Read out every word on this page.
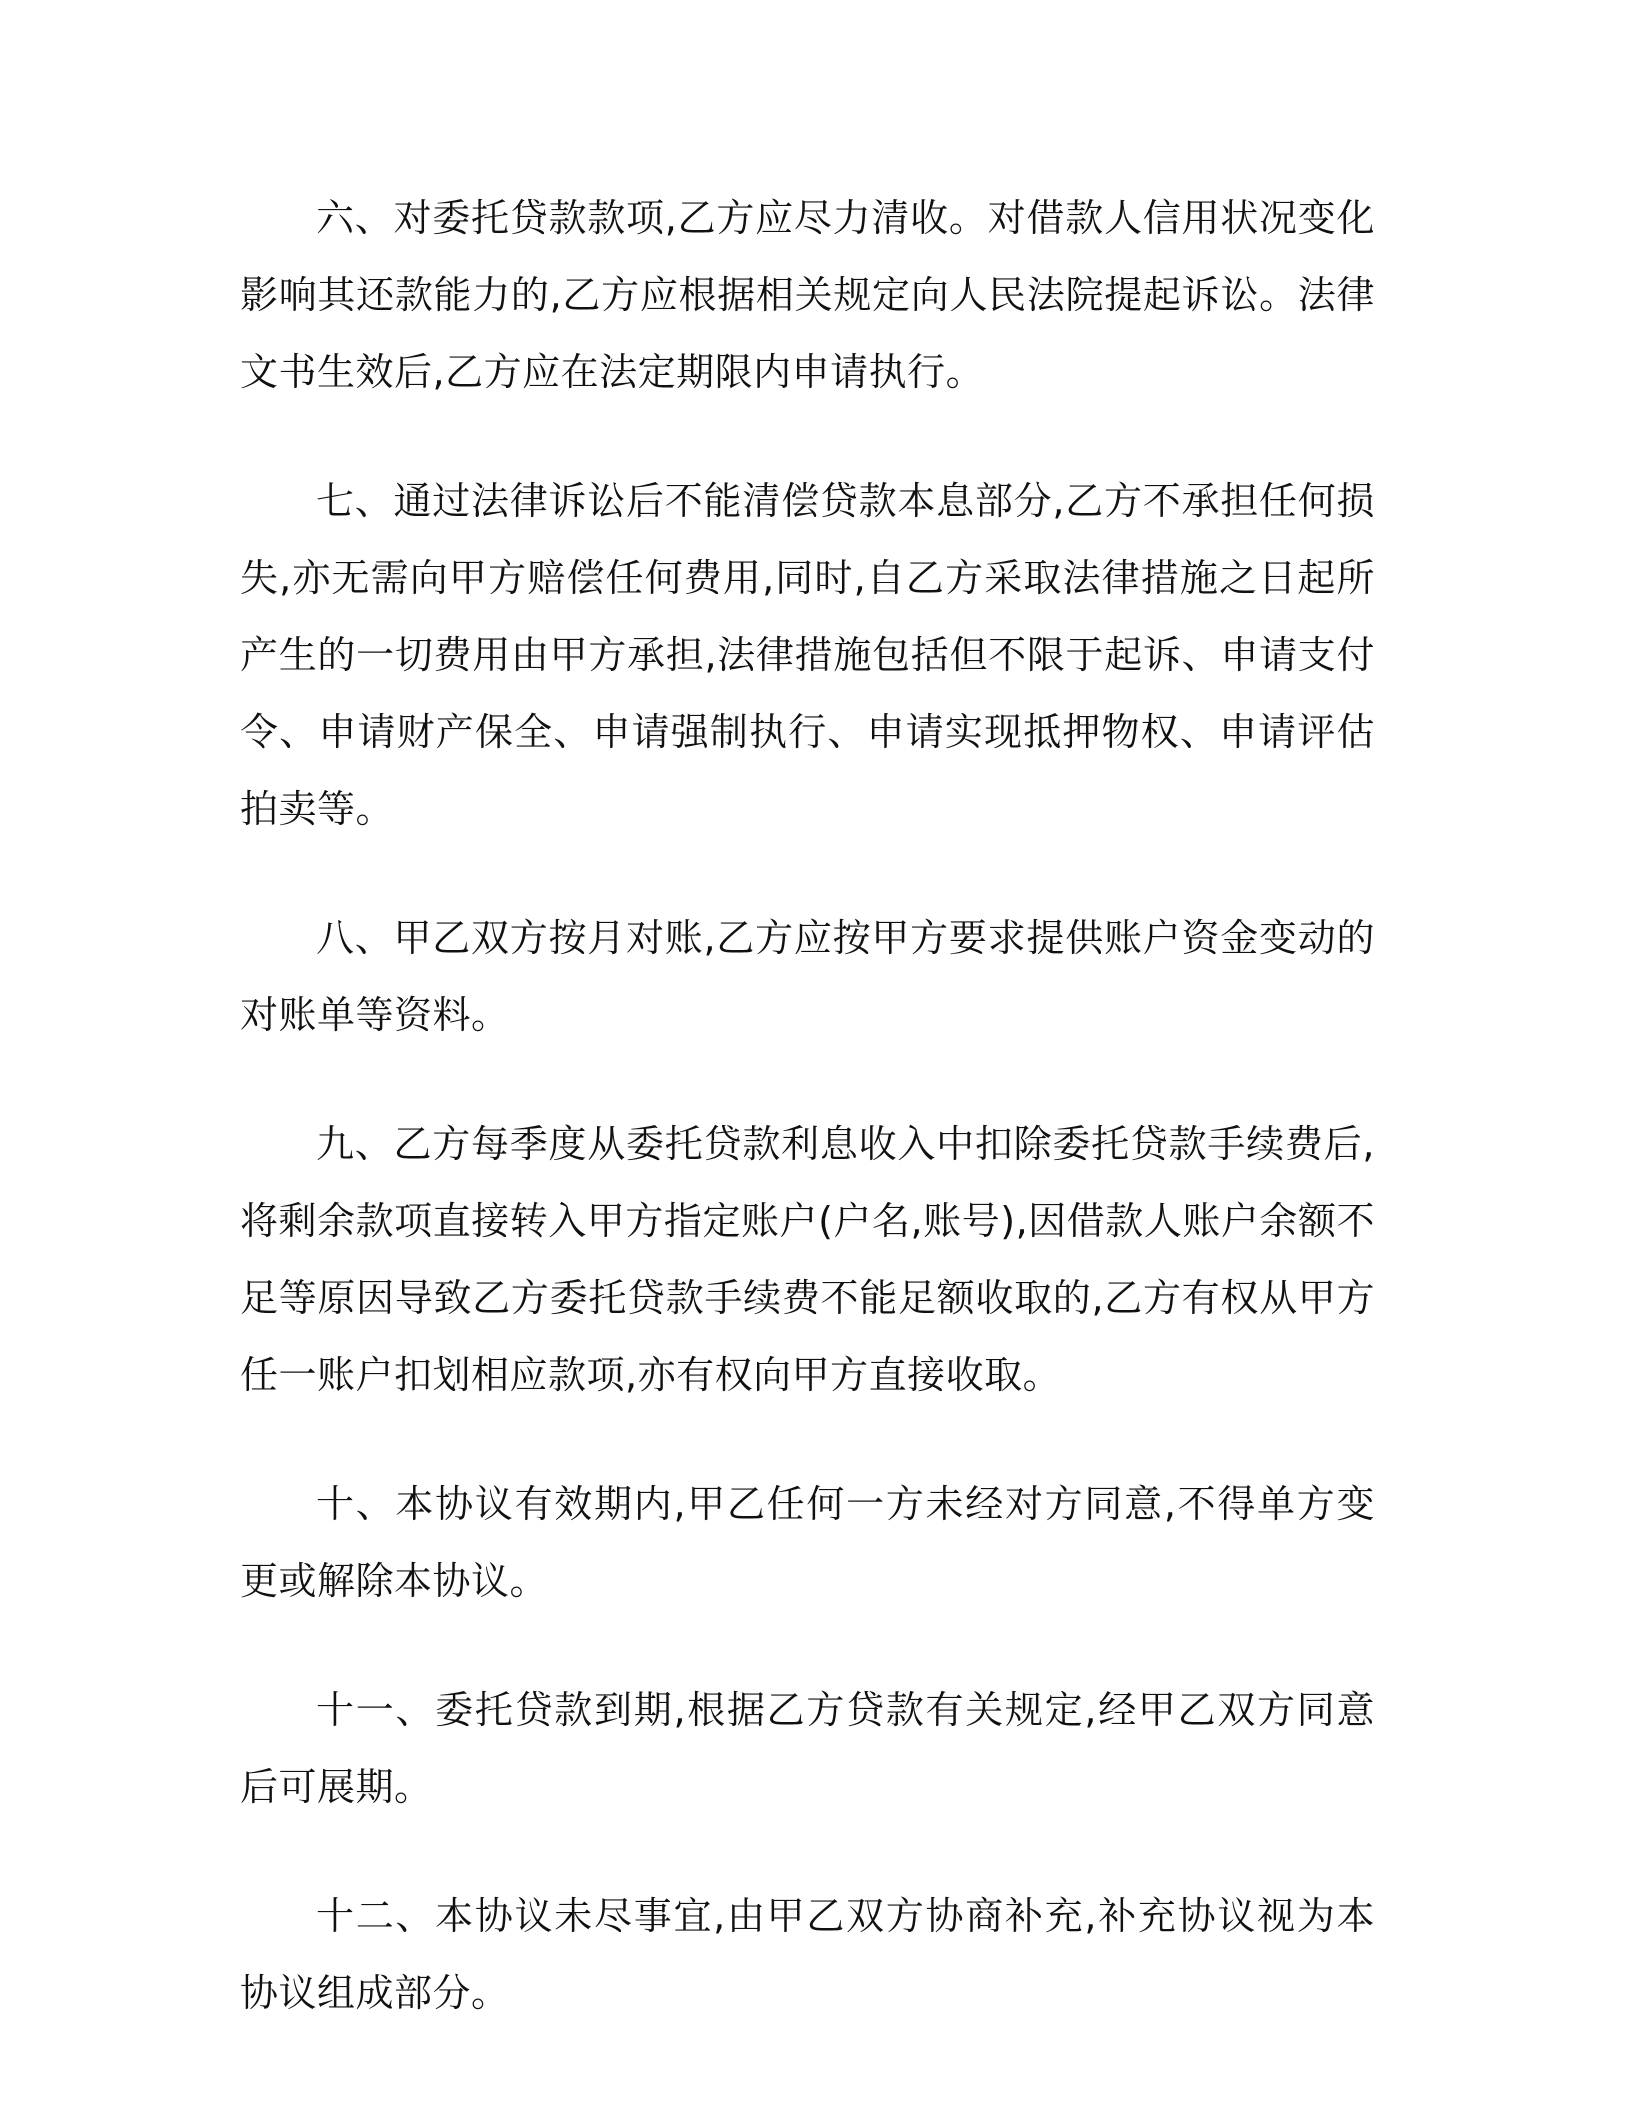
六、对委托贷款款项,乙方应尽力清收。对借款人信用状况变化影响其还款能力的,乙方应根据相关规定向人民法院提起诉讼。法律文书生效后,乙方应在法定期限内申请执行。

七、通过法律诉讼后不能清偿贷款本息部分,乙方不承担任何损失,亦无需向甲方赔偿任何费用,同时,自乙方采取法律措施之日起所产生的一切费用由甲方承担,法律措施包括但不限于起诉、申请支付令、申请财产保全、申请强制执行、申请实现抵押物权、申请评估拍卖等。

八、甲乙双方按月对账,乙方应按甲方要求提供账户资金变动的对账单等资料。

九、乙方每季度从委托贷款利息收入中扣除委托贷款手续费后,将剩余款项直接转入甲方指定账户(户名,账号),因借款人账户余额不足等原因导致乙方委托贷款手续费不能足额收取的,乙方有权从甲方任一账户扣划相应款项,亦有权向甲方直接收取。

十、本协议有效期内,甲乙任何一方未经对方同意,不得单方变更或解除本协议。

十一、委托贷款到期,根据乙方贷款有关规定,经甲乙双方同意后可展期。

十二、本协议未尽事宜,由甲乙双方协商补充,补充协议视为本协议组成部分。
